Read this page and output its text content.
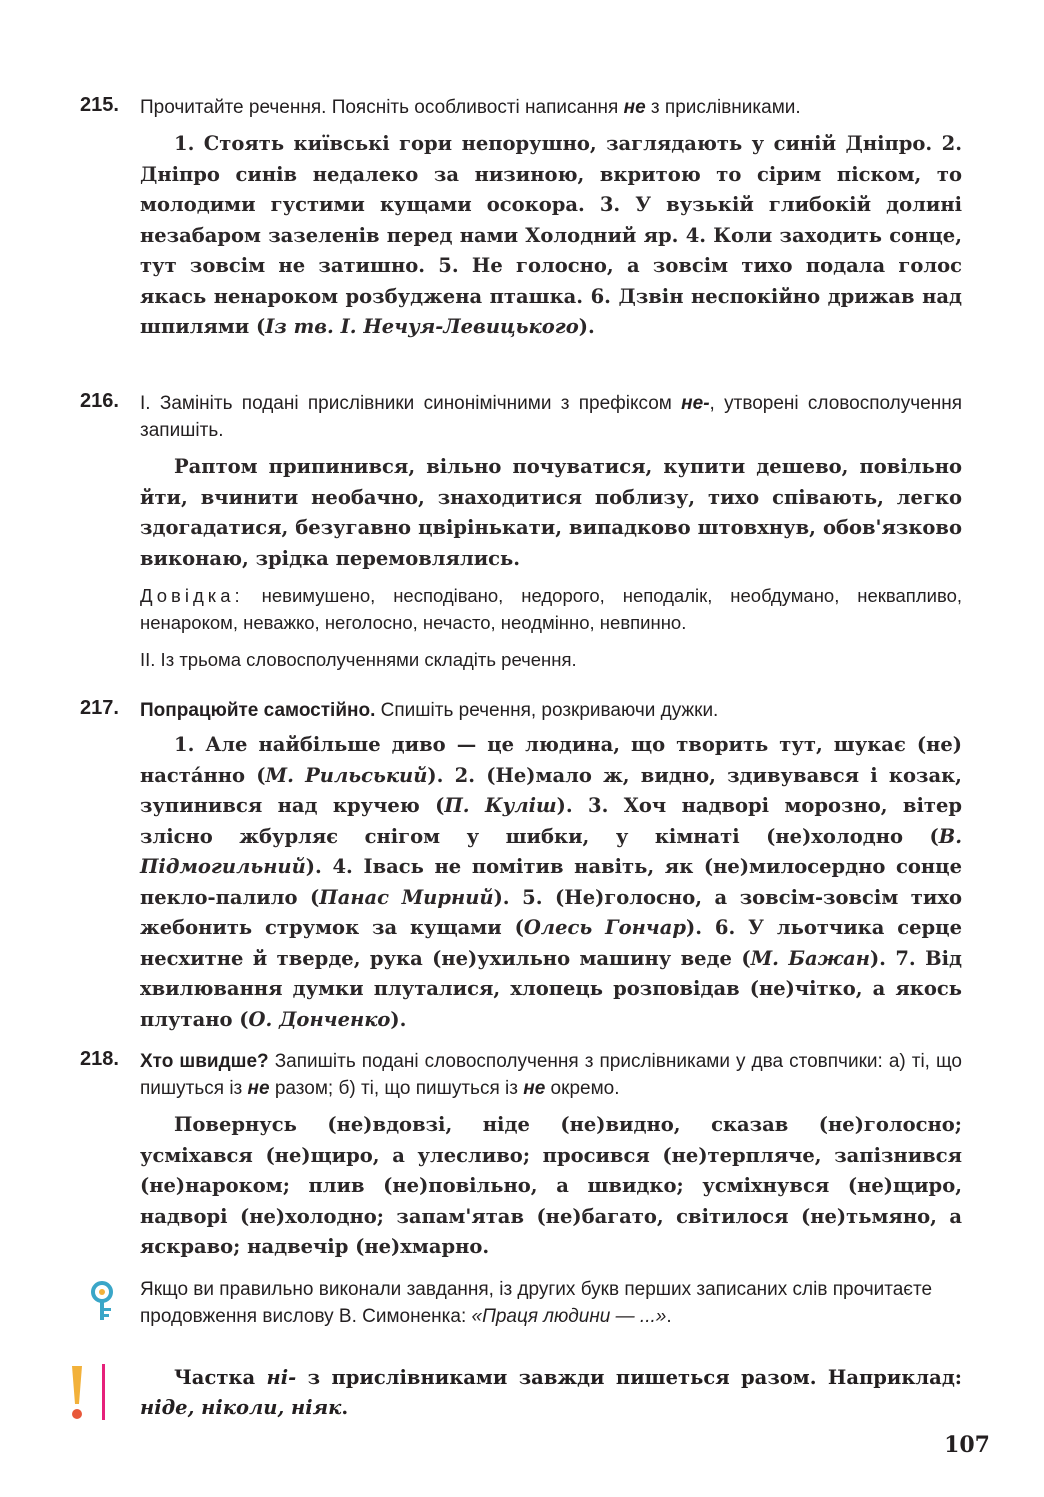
215. Прочитайте речення. Поясніть особливості написання не з прислівниками.
1. Стоять київські гори непорушно, заглядають у синій Дніпро. 2. Дніпро синів недалеко за низиною, вкритою то сірим піском, то молодими густими кущами осокора. 3. У вузькій глибокій долині незабаром зазеленів перед нами Холодний яр. 4. Коли заходить сонце, тут зовсім не затишно. 5. Не голосно, а зовсім тихо подала голос якась ненароком розбуджена пташка. 6. Дзвін неспокійно дрижав над шпилями (Із тв. І. Нечуя-Левицького).
216. І. Замініть подані прислівники синонімічними з префіксом не-, утворені словосполучення запишіть.
Раптом припинився, вільно почуватися, купити дешево, повільно йти, вчинити необачно, знаходитися поблизу, тихо співають, легко здогадатися, безугавно цвірінькати, випадково штовхнув, обов'язково виконаю, зрідка перемовлялись.
Довідка: невимушено, несподівано, недорого, неподалік, необдумано, неквапливо, ненароком, неважко, неголосно, нечасто, неодмінно, невпинно.
ІІ. Із трьома словосполученнями складіть речення.
217. Попрацюйте самостійно. Спишіть речення, розкриваючи дужки.
1. Але найбільше диво — це людина, що творить тут, шукає (не) наста́нно (М. Рильський). 2. (Не)мало ж, видно, здивувався і козак, зупинився над кручею (П. Куліш). 3. Хоч надворі морозно, вітер злісно жбурляє снігом у шибки, у кімнаті (не)холодно (В. Підмогильний). 4. Івась не помітив навіть, як (не)милосердно сонце пекло-палило (Панас Мирний). 5. (Не)голосно, а зовсім-зовсім тихо жебонить струмок за кущами (Олесь Гончар). 6. У льотчика серце несхитне й тверде, рука (не)ухильно машину веде (М. Бажан). 7. Від хвилювання думки плуталися, хлопець розповідав (не)чітко, а якось плутано (О. Донченко).
218. Хто швидше? Запишіть подані словосполучення з прислівниками у два стовпчики: а) ті, що пишуться із не разом; б) ті, що пишуться із не окремо.
Повернусь (не)вдовзі, ніде (не)видно, сказав (не)голосно; усміхався (не)щиро, а улесливо; просився (не)терпляче, запізнився (не)нароком; плив (не)повільно, а швидко; усміхнувся (не)щиро, надворі (не)холодно; запам'ятав (не)багато, світилося (не)тьмяно, а яскраво; надвечір (не)хмарно.
Якщо ви правильно виконали завдання, із других букв перших записаних слів прочитаєте продовження вислову В. Симоненка: «Праця людини — ...».
Частка ні- з прислівниками завжди пишеться разом. Наприклад: ніде, ніколи, ніяк.
107
